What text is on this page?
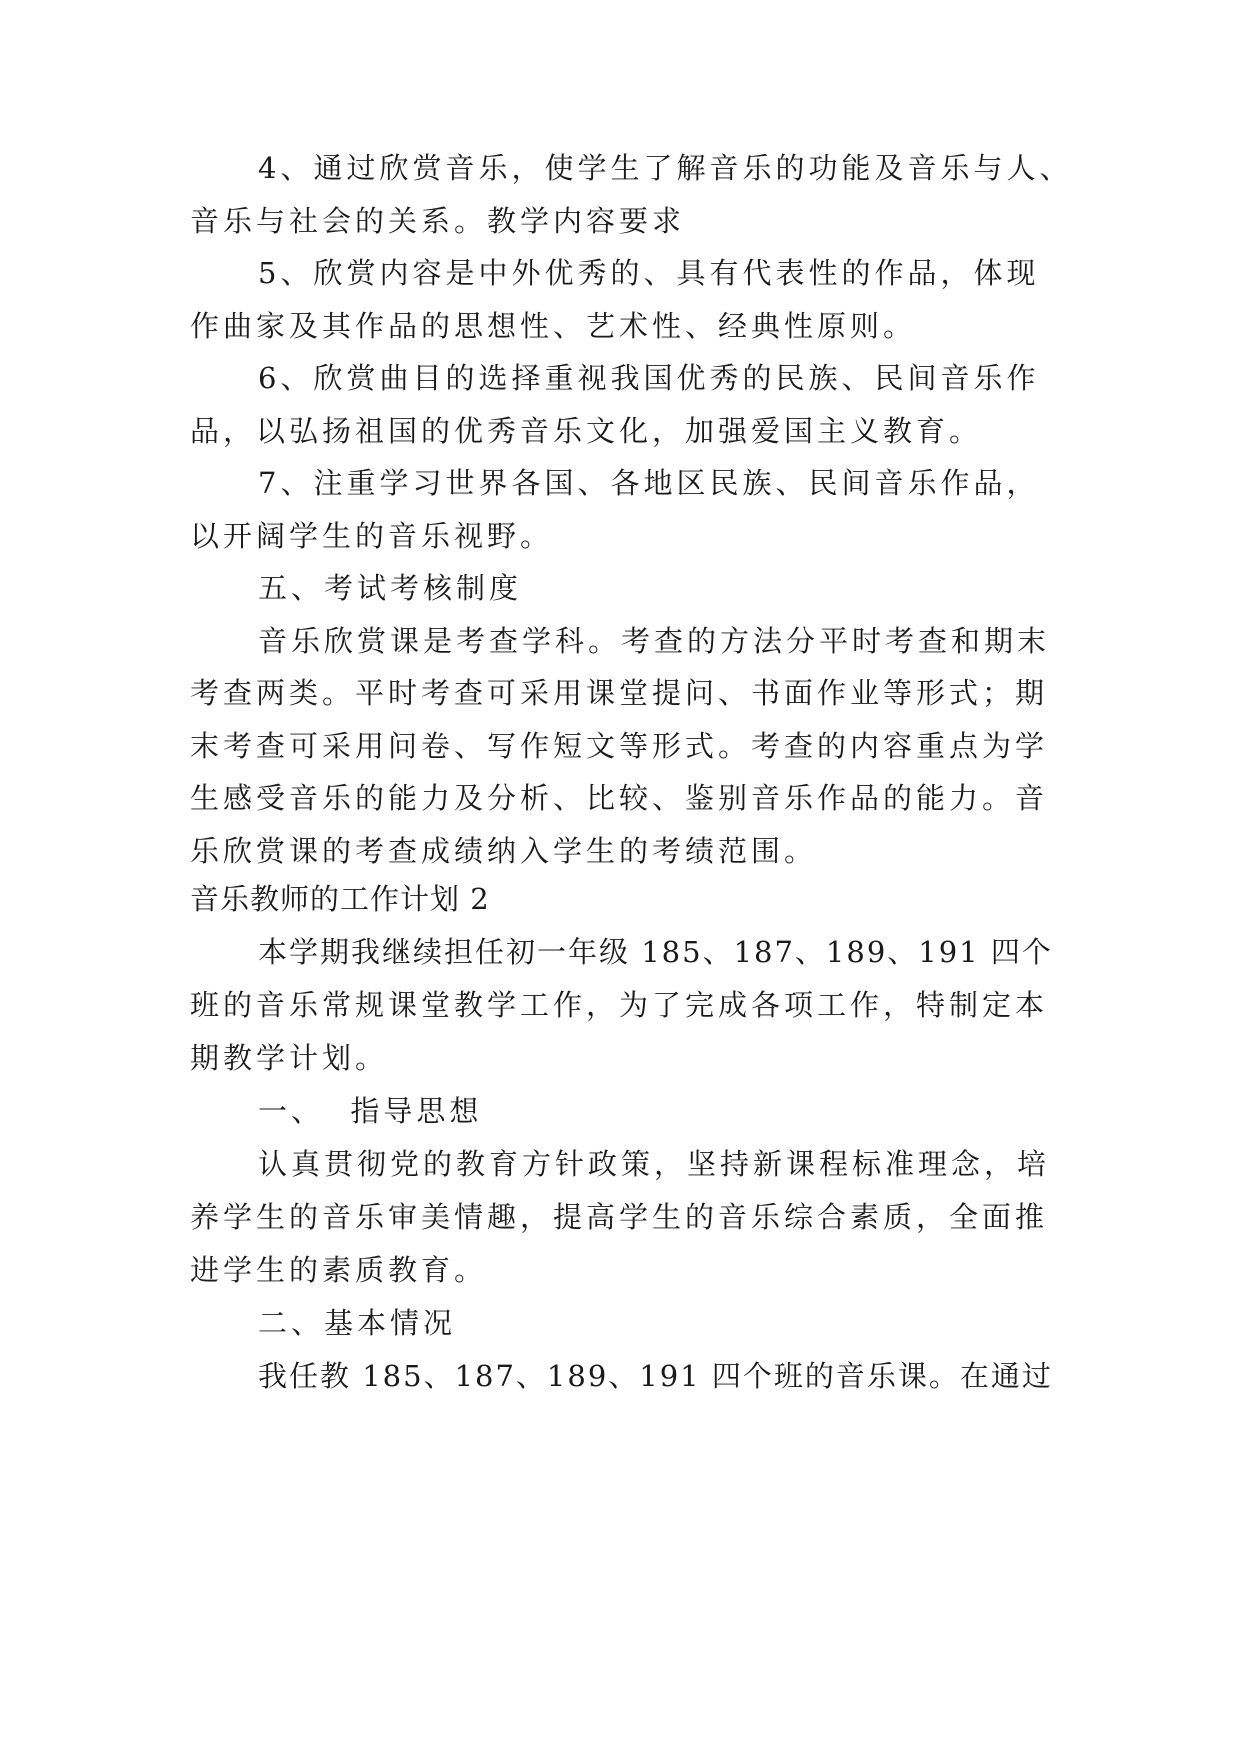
4、通过欣赏音乐，使学生了解音乐的功能及音乐与人、
音乐与社会的关系。教学内容要求
5、欣赏内容是中外优秀的、具有代表性的作品，体现
作曲家及其作品的思想性、艺术性、经典性原则。
6、欣赏曲目的选择重视我国优秀的民族、民间音乐作
品，以弘扬祖国的优秀音乐文化，加强爱国主义教育。
7、注重学习世界各国、各地区民族、民间音乐作品，
以开阔学生的音乐视野。
五、考试考核制度
音乐欣赏课是考查学科。考查的方法分平时考查和期末
考查两类。平时考查可采用课堂提问、书面作业等形式；期
末考查可采用问卷、写作短文等形式。考查的内容重点为学
生感受音乐的能力及分析、比较、鉴别音乐作品的能力。音
乐欣赏课的考查成绩纳入学生的考绩范围。
音乐教师的工作计划 2
本学期我继续担任初一年级 185、187、189、191 四个
班的音乐常规课堂教学工作，为了完成各项工作，特制定本
期教学计划。
一、  指导思想
认真贯彻党的教育方针政策，坚持新课程标准理念，培
养学生的音乐审美情趣，提高学生的音乐综合素质，全面推
进学生的素质教育。
二、基本情况
我任教 185、187、189、191 四个班的音乐课。在通过
